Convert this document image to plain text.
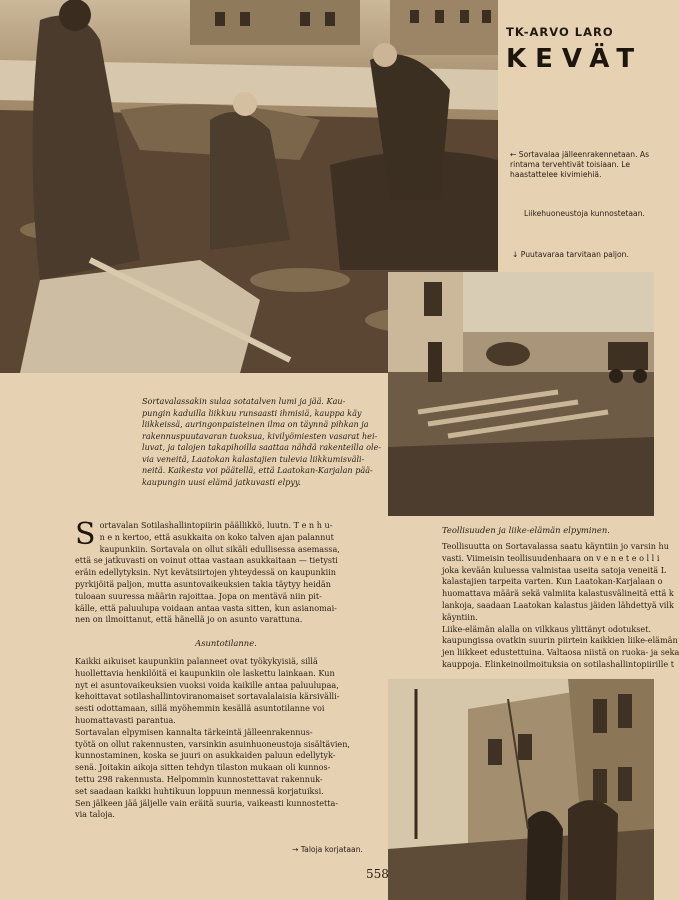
TK-ARVO LARO
KEVÄT
← Sortavalaa jälleenrakennetaan. As
rintama tervehtivät toisiaan. Le
haastattelee kivimiehiä.
Liikehuoneustoja kunnostetaan.
↓ Puutavaraa tarvitaan paljon.
Sortavalassakin sulaa sotatalven lumi ja jää. Kau-
pungin kaduilla liikkuu runsaasti ihmisiä, kauppa käy
liikkeissä, auringonpaisteinen ilma on täynnä pihkan ja
rakennuspuutavaran tuoksua, kivilyömiesten vasarat hei-
luvat, ja talojen takapihoilla saattaa nähdä rakenteilla ole-
via veneitä, Laatokan kalastajien tulevia liikkumisväli-
neitä. Kaikesta voi päätellä, että Laatokan-Karjalan pää-
kaupungin uusi elämä jatkuvasti elpyy.
Teollisuuden ja liike-elämän elpyminen.
S ortavalan Sotilashallintopiirin päällikkö, luutn. T e n h u-
n e n kertoo, että asukkaita on koko talven ajan palannut
kaupunkiin. Sortavala on ollut sikäli edullisessa asemassa,
että se jatkuvasti on voinut ottaa vastaan asukkaitaan — tietysti
eräin edellytyksin. Nyt kevätsiirtojen yhteydessä on kaupunkiin
pyrkijöitä paljon, mutta asuntovaikeuksien takia täytyy heidän
tuloaan suuressa määrin rajoittaa. Jopa on mentävä niin pit-
källe, että paluulupa voidaan antaa vasta sitten, kun asianomai-
nen on ilmoittanut, että hänellä jo on asunto varattuna.
Asuntotilanne.
Kaikki aikuiset kaupunkiin palanneet ovat työkykyisiä, sillä
huollettavia henkilöitä ei kaupunkiin ole laskettu lainkaan. Kun
nyt ei asuntovaikeuksien vuoksi voida kaikille antaa paluulupaa,
kehoittavat sotilashallintoviranomaiset sortavalalaisia kärsivälli-
sesti odottamaan, sillä myöhemmin kesällä asuntotilanne voi
huomattavasti parantua.
Sortavalan elpymisen kannalta tärkeintä jälleenrakennus-
työtä on ollut rakennusten, varsinkin asuinhuoneustoja sisältävien,
kunnostaminen, koska se juuri on asukkaiden paluun edellytyk-
senä. Joitakin aikoja sitten tehdyn tilaston mukaan oli kunnos-
tettu 298 rakennusta. Helpommin kunnostettavat rakennuk-
set saadaan kaikki huhtikuun loppuun mennessä korjatuiksi.
Sen jälkeen jää jäljelle vain eräitä suuria, vaikeasti kunnostetta-
via taloja.
Teollisuutta on Sortavalassa saatu käyntiin jo varsin hu
vasti. Viimeisin teollisuudenhaara on v e n e t e o l l i
joka kevään kuluessa valmistaa useita satoja veneitä L
kalastajien tarpeita varten. Kun Laatokan-Karjalaan o
huomattava määrä sekä valmiita kalastusvälineitä että k
lankoja, saadaan Laatokan kalastus jäiden lähdettyä vilk
käyntiin.
Liike-elämän alalla on vilkkaus ylittänyt odotukset.
kaupungissa ovatkin suurin piirtein kaikkien liike-elämän
jen liikkeet edustettuina. Valtaosa niistä on ruoka- ja seka
kauppoja. Elinkeinoilmoituksia on sotilashallintopiirille t
→ Taloja korjataan.
558
